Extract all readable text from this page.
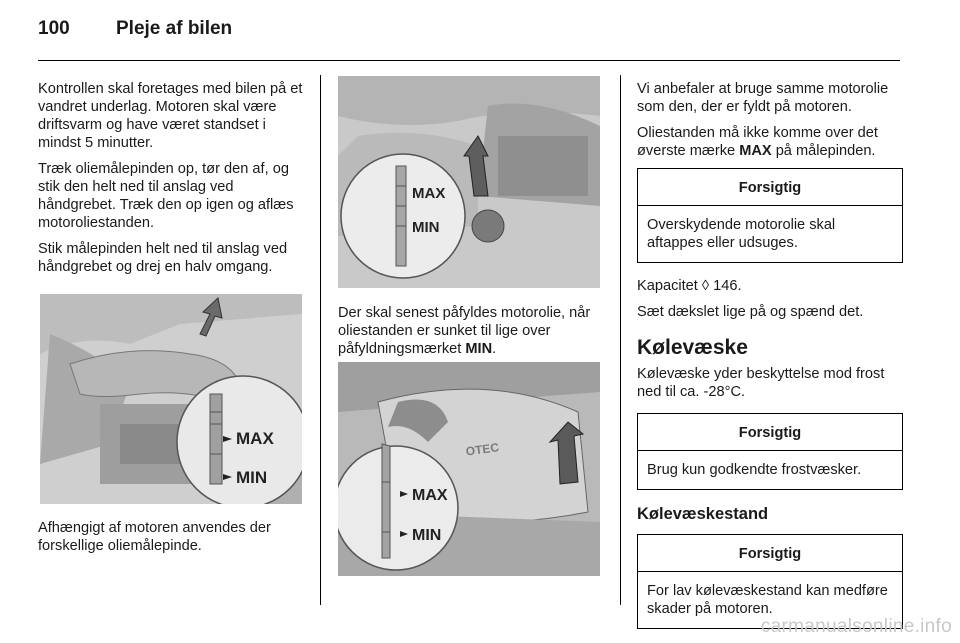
100 Pleje af bilen

Kontrollen skal foretages med bilen på et vandret underlag. Motoren skal være driftsvarm og have været standset i mindst 5 minutter.

Træk oliemålepinden op, tør den af, og stik den helt ned til anslag ved håndgrebet. Træk den op igen og aflæs motoroliestanden.

Stik målepinden helt ned til anslag ved håndgrebet og drej en halv omgang.

MAX
MIN

Afhængigt af motoren anvendes der forskellige oliemålepinde.

MAX
MIN

Der skal senest påfyldes motorolie, når oliestanden er sunket til lige over påfyldningsmærket MIN.

OTEC
MAX
MIN

Vi anbefaler at bruge samme motorolie som den, der er fyldt på motoren.

Oliestanden må ikke komme over det øverste mærke MAX på målepinden.

Forsigtig
Overskydende motorolie skal aftappes eller udsuges.

Kapacitet ◊ 146.

Sæt dækslet lige på og spænd det.

Kølevæske

Kølevæske yder beskyttelse mod frost ned til ca. -28°C.

Forsigtig
Brug kun godkendte frostvæsker.
Kølevæskestand
Forsigtig
For lav kølevæskestand kan medføre skader på motoren.
carmanualsonline.info
